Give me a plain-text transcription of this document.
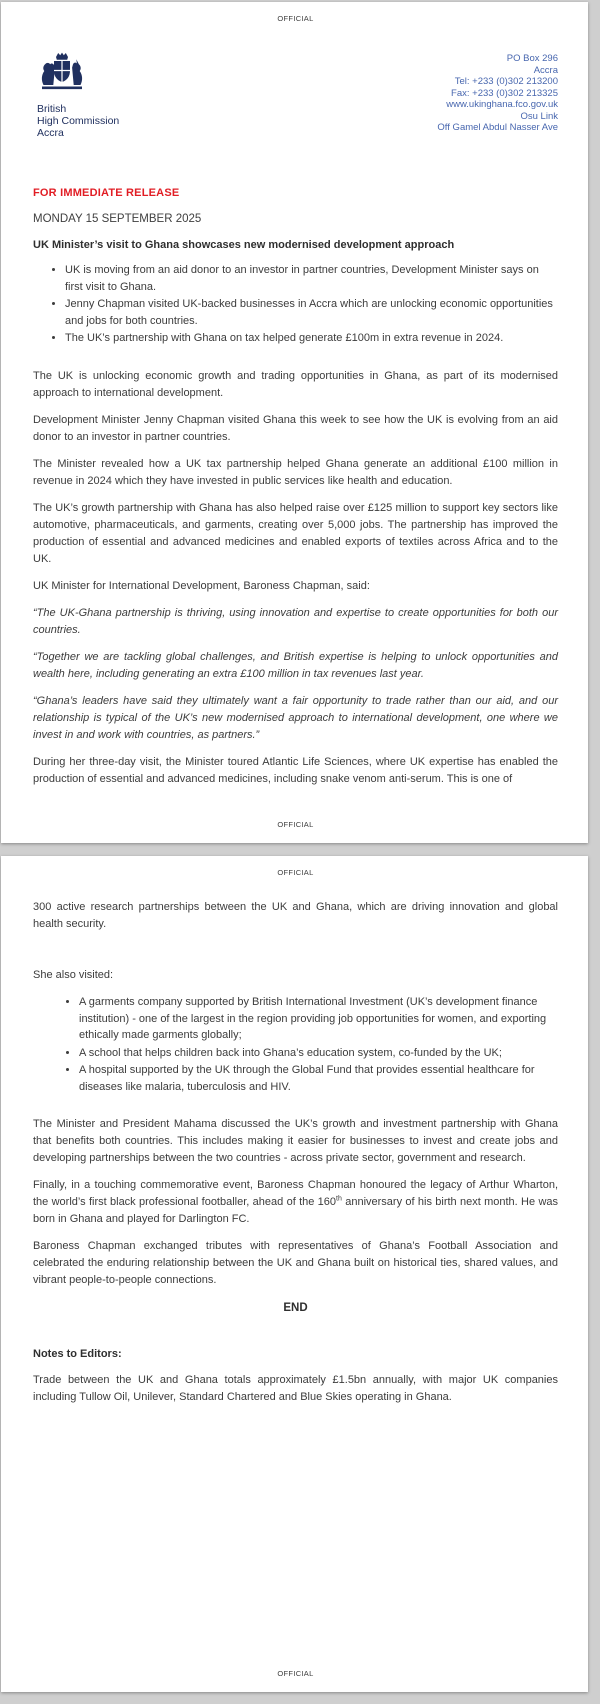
OFFICIAL
British
High Commission
Accra
PO Box 296
Accra
Tel: +233 (0)302 213200
Fax: +233 (0)302 213325
www.ukinghana.fco.gov.uk
Osu Link
Off Gamel Abdul Nasser Ave
FOR IMMEDIATE RELEASE
MONDAY 15 SEPTEMBER 2025
UK Minister’s visit to Ghana showcases new modernised development approach
• UK is moving from an aid donor to an investor in partner countries, Development Minister says on first visit to Ghana.
• Jenny Chapman visited UK-backed businesses in Accra which are unlocking economic opportunities and jobs for both countries.
• The UK’s partnership with Ghana on tax helped generate £100m in extra revenue in 2024.

The UK is unlocking economic growth and trading opportunities in Ghana, as part of its modernised approach to international development.

Development Minister Jenny Chapman visited Ghana this week to see how the UK is evolving from an aid donor to an investor in partner countries.

The Minister revealed how a UK tax partnership helped Ghana generate an additional £100 million in revenue in 2024 which they have invested in public services like health and education.

The UK’s growth partnership with Ghana has also helped raise over £125 million to support key sectors like automotive, pharmaceuticals, and garments, creating over 5,000 jobs. The partnership has improved the production of essential and advanced medicines and enabled exports of textiles across Africa and to the UK.

UK Minister for International Development, Baroness Chapman, said:

“The UK-Ghana partnership is thriving, using innovation and expertise to create opportunities for both our countries.

“Together we are tackling global challenges, and British expertise is helping to unlock opportunities and wealth here, including generating an extra £100 million in tax revenues last year.

“Ghana’s leaders have said they ultimately want a fair opportunity to trade rather than our aid, and our relationship is typical of the UK’s new modernised approach to international development, one where we invest in and work with countries, as partners.”

During her three-day visit, the Minister toured Atlantic Life Sciences, where UK expertise has enabled the production of essential and advanced medicines, including snake venom anti-serum. This is one of

OFFICIAL
OFFICIAL

300 active research partnerships between the UK and Ghana, which are driving innovation and global health security.

She also visited:

• A garments company supported by British International Investment (UK’s development finance institution) - one of the largest in the region providing job opportunities for women, and exporting ethically made garments globally;
• A school that helps children back into Ghana’s education system, co-funded by the UK;
• A hospital supported by the UK through the Global Fund that provides essential healthcare for diseases like malaria, tuberculosis and HIV.

The Minister and President Mahama discussed the UK’s growth and investment partnership with Ghana that benefits both countries. This includes making it easier for businesses to invest and create jobs and developing partnerships between the two countries - across private sector, government and research.

Finally, in a touching commemorative event, Baroness Chapman honoured the legacy of Arthur Wharton, the world’s first black professional footballer, ahead of the 160th anniversary of his birth next month. He was born in Ghana and played for Darlington FC.

Baroness Chapman exchanged tributes with representatives of Ghana’s Football Association and celebrated the enduring relationship between the UK and Ghana built on historical ties, shared values, and vibrant people-to-people connections.

END
Notes to Editors:

Trade between the UK and Ghana totals approximately £1.5bn annually, with major UK companies including Tullow Oil, Unilever, Standard Chartered and Blue Skies operating in Ghana.

OFFICIAL
